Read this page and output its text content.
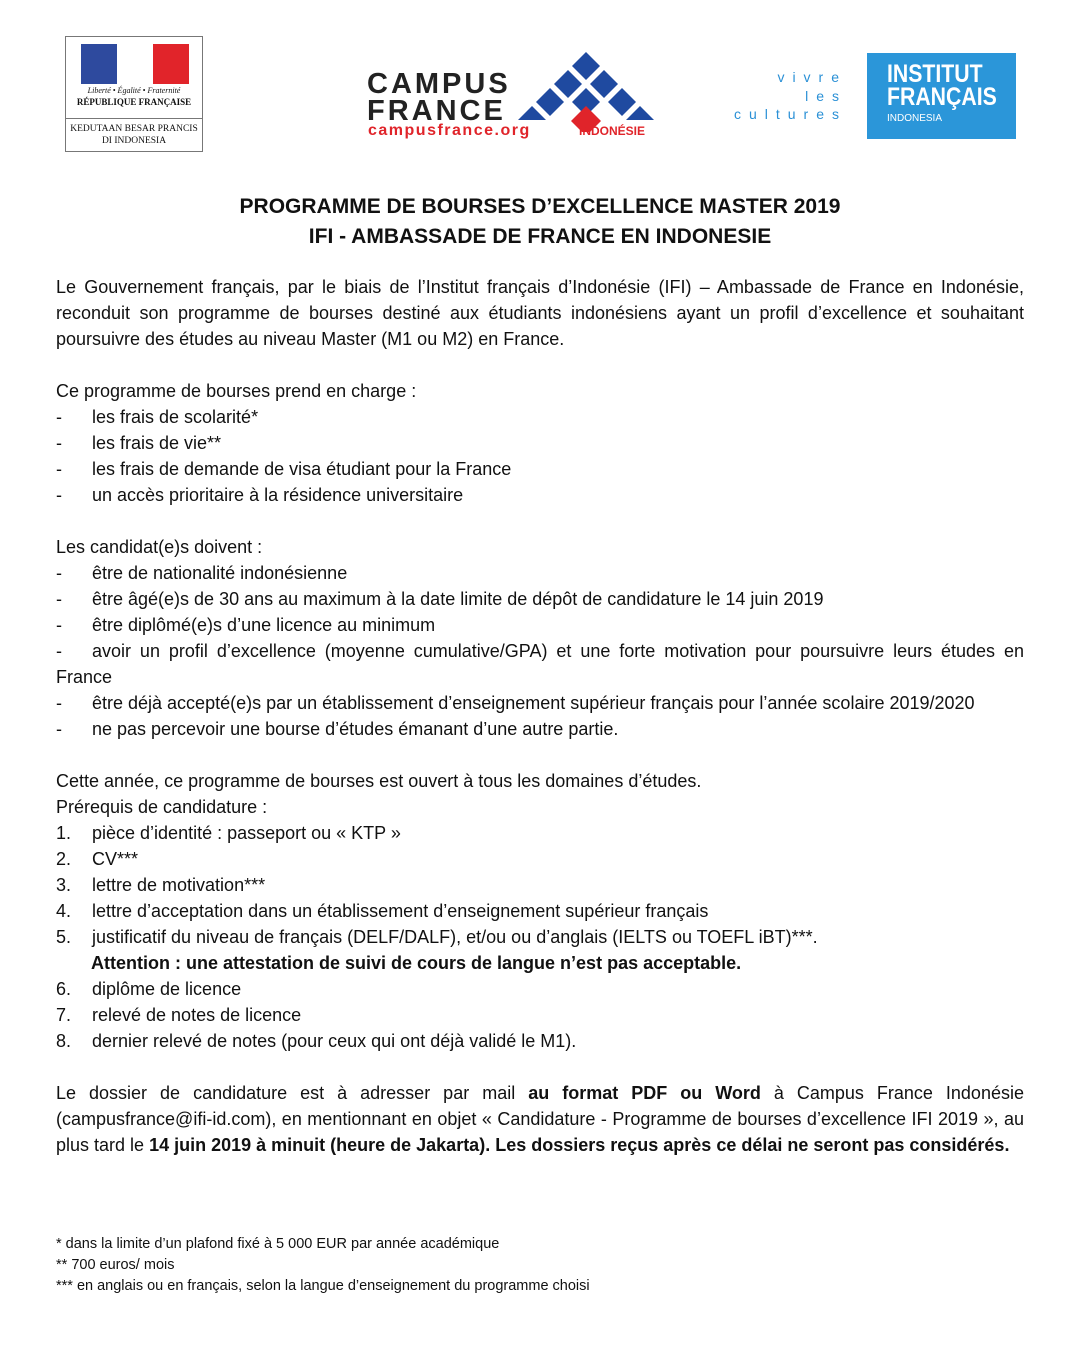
Liberté • Égalité • Fraternité
RÉPUBLIQUE FRANÇAISE
KEDUTAAN BESAR PRANCIS
DI INDONESIA
CAMPUS
FRANCE
campusfrance.org	INDONÉSIE
vivre
les
cultures
INSTITUT
FRANÇAIS
INDONESIA
PROGRAMME DE BOURSES D’EXCELLENCE MASTER 2019
IFI - AMBASSADE DE FRANCE EN INDONESIE

Le Gouvernement français, par le biais de l’Institut français d’Indonésie (IFI) – Ambassade de France en Indonésie, reconduit son programme de bourses destiné aux étudiants indonésiens ayant un profil d’excellence et souhaitant poursuivre des études au niveau Master (M1 ou M2) en France.

Ce programme de bourses prend en charge :

- les frais de scolarité*

- les frais de vie**

- les frais de demande de visa étudiant pour la France

- un accès prioritaire à la résidence universitaire

Les candidat(e)s doivent :

- être de nationalité indonésienne

- être âgé(e)s de 30 ans au maximum à la date limite de dépôt de candidature le 14 juin 2019

- être diplômé(e)s d’une licence au minimum

- avoir un profil d’excellence (moyenne cumulative/GPA) et une forte motivation pour poursuivre leurs études en France

- être déjà accepté(e)s par un établissement d’enseignement supérieur français pour l’année scolaire 2019/2020

- ne pas percevoir une bourse d’études émanant d’une autre partie.

Cette année, ce programme de bourses est ouvert à tous les domaines d’études.

Prérequis de candidature :

1. pièce d’identité : passeport ou « KTP »

2. CV***

3. lettre de motivation***

4. lettre d’acceptation dans un établissement d’enseignement supérieur français

5. justificatif du niveau de français (DELF/DALF), et/ou ou d’anglais (IELTS ou TOEFL iBT)***.

Attention : une attestation de suivi de cours de langue n’est pas acceptable.

6. diplôme de licence

7. relevé de notes de licence

8. dernier relevé de notes (pour ceux qui ont déjà validé le M1).

Le dossier de candidature est à adresser par mail au format PDF ou Word à Campus France Indonésie (campusfrance@ifi-id.com), en mentionnant en objet « Candidature - Programme de bourses d’excellence IFI 2019 », au plus tard le 14 juin 2019 à minuit (heure de Jakarta). Les dossiers reçus après ce délai ne seront pas considérés.

* dans la limite d’un plafond fixé à 5 000 EUR par année académique
** 700 euros/ mois
*** en anglais ou en français, selon la langue d’enseignement du programme choisi
